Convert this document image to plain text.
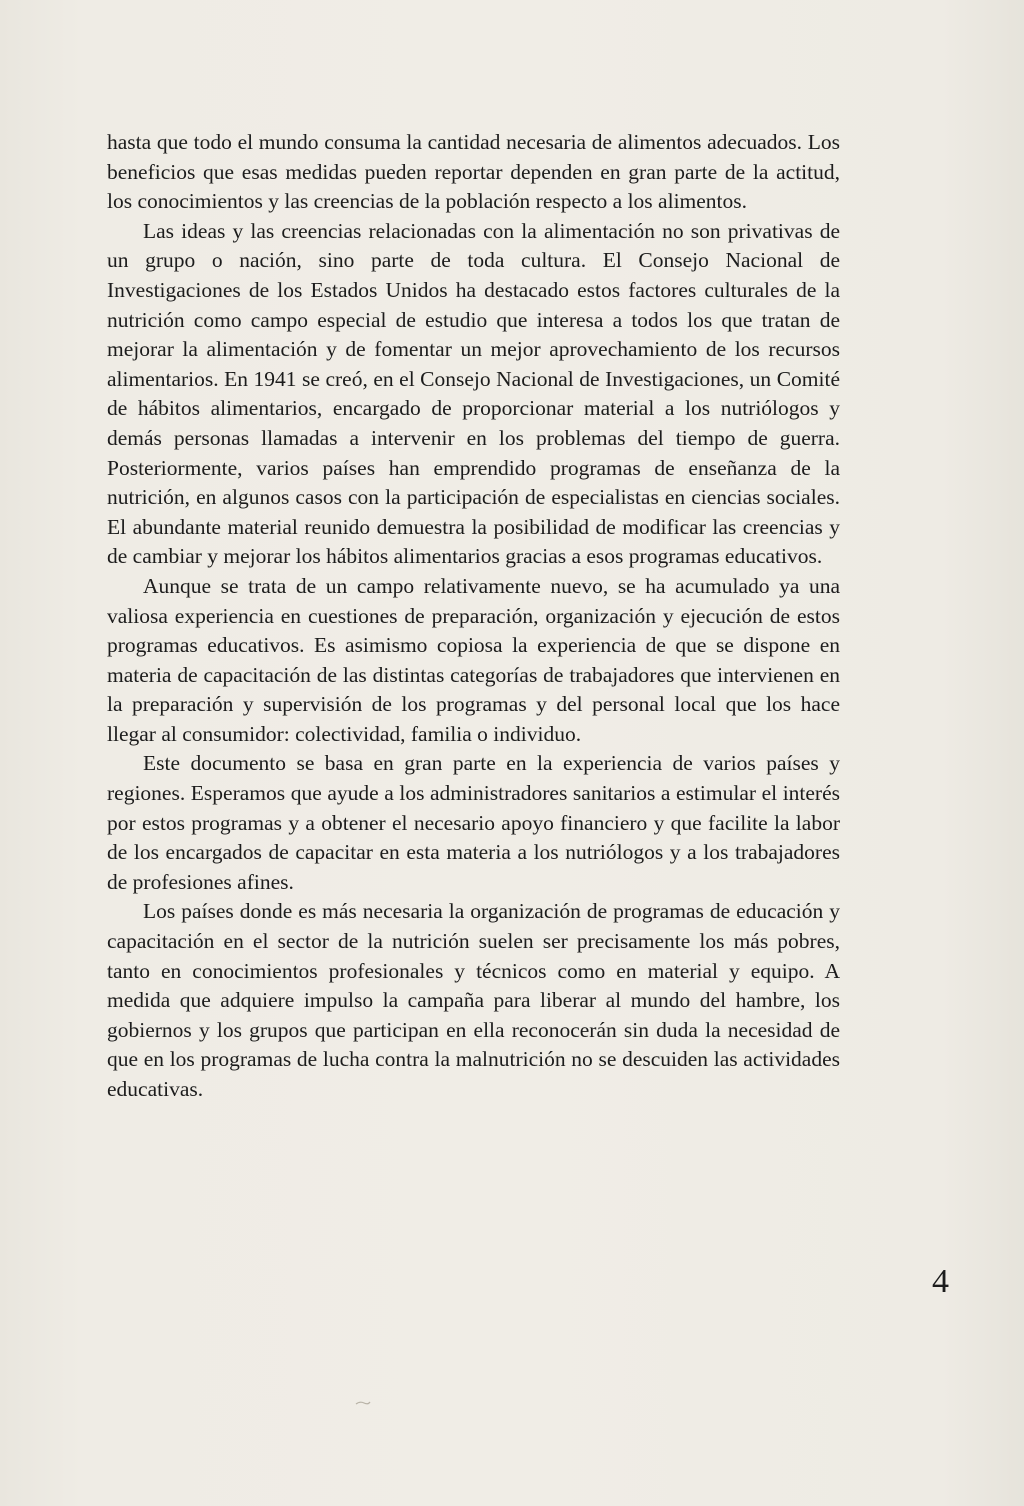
hasta que todo el mundo consuma la cantidad necesaria de alimentos adecuados. Los beneficios que esas medidas pueden reportar dependen en gran parte de la actitud, los conocimientos y las creencias de la población respecto a los alimentos.

Las ideas y las creencias relacionadas con la alimentación no son privativas de un grupo o nación, sino parte de toda cultura. El Consejo Nacional de Investigaciones de los Estados Unidos ha destacado estos factores culturales de la nutrición como campo especial de estudio que interesa a todos los que tratan de mejorar la alimentación y de fomentar un mejor aprovechamiento de los recursos alimentarios. En 1941 se creó, en el Consejo Nacional de Investigaciones, un Comité de hábitos alimentarios, encargado de proporcionar material a los nutriólogos y demás personas llamadas a intervenir en los problemas del tiempo de guerra. Posteriormente, varios países han emprendido programas de enseñanza de la nutrición, en algunos casos con la participación de especialistas en ciencias sociales. El abundante material reunido demuestra la posibilidad de modificar las creencias y de cambiar y mejorar los hábitos alimentarios gracias a esos programas educativos.

Aunque se trata de un campo relativamente nuevo, se ha acumulado ya una valiosa experiencia en cuestiones de preparación, organización y ejecución de estos programas educativos. Es asimismo copiosa la experiencia de que se dispone en materia de capacitación de las distintas categorías de trabajadores que intervienen en la preparación y supervisión de los programas y del personal local que los hace llegar al consumidor: colectividad, familia o individuo.

Este documento se basa en gran parte en la experiencia de varios países y regiones. Esperamos que ayude a los administradores sanitarios a estimular el interés por estos programas y a obtener el necesario apoyo financiero y que facilite la labor de los encargados de capacitar en esta materia a los nutriólogos y a los trabajadores de profesiones afines.

Los países donde es más necesaria la organización de programas de educación y capacitación en el sector de la nutrición suelen ser precisamente los más pobres, tanto en conocimientos profesionales y técnicos como en material y equipo. A medida que adquiere impulso la campaña para liberar al mundo del hambre, los gobiernos y los grupos que participan en ella reconocerán sin duda la necesidad de que en los programas de lucha contra la malnutrición no se descuiden las actividades educativas.

4
